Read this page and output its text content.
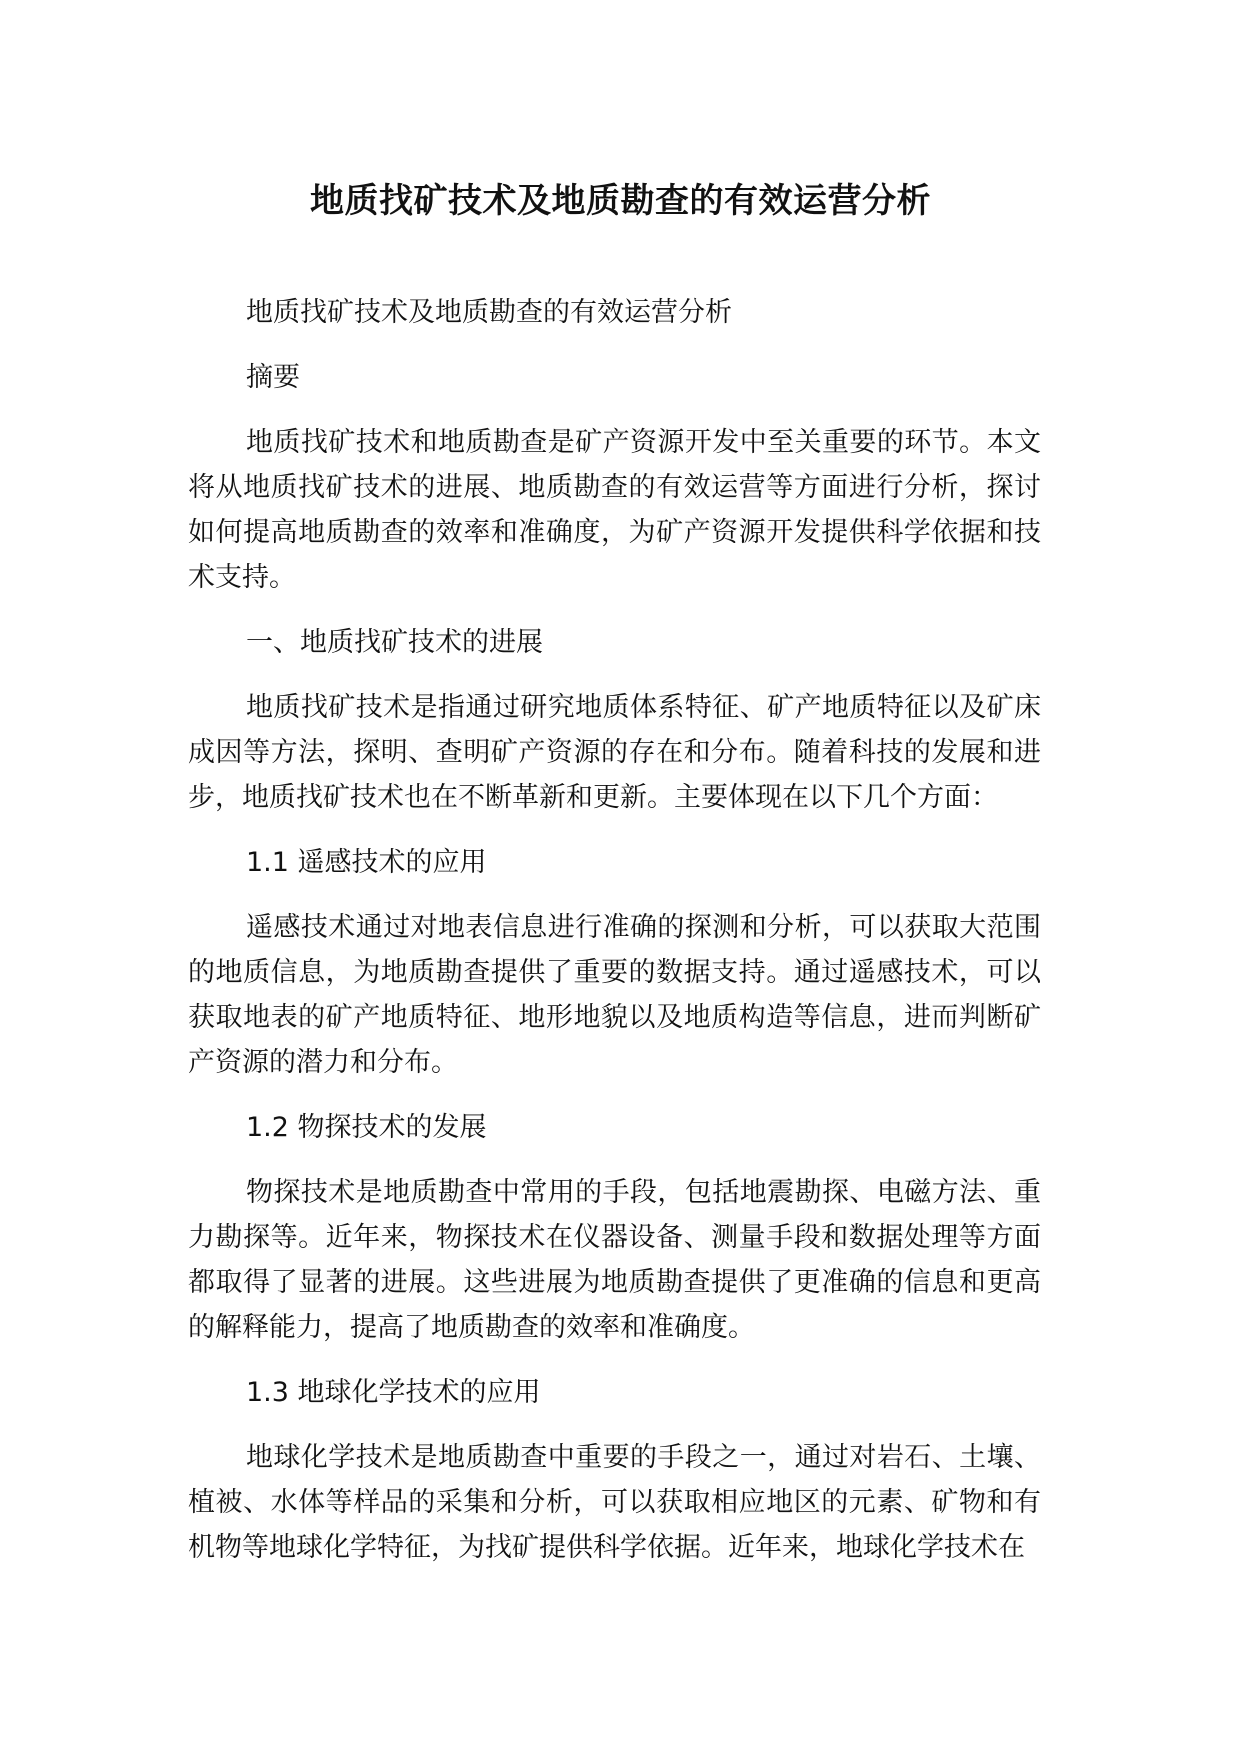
地质找矿技术及地质勘查的有效运营分析

地质找矿技术及地质勘查的有效运营分析

摘要

地质找矿技术和地质勘查是矿产资源开发中至关重要的环节。本文将从地质找矿技术的进展、地质勘查的有效运营等方面进行分析，探讨如何提高地质勘查的效率和准确度，为矿产资源开发提供科学依据和技术支持。

一、地质找矿技术的进展

地质找矿技术是指通过研究地质体系特征、矿产地质特征以及矿床成因等方法，探明、查明矿产资源的存在和分布。随着科技的发展和进步，地质找矿技术也在不断革新和更新。主要体现在以下几个方面：

1.1 遥感技术的应用

遥感技术通过对地表信息进行准确的探测和分析，可以获取大范围的地质信息，为地质勘查提供了重要的数据支持。通过遥感技术，可以获取地表的矿产地质特征、地形地貌以及地质构造等信息，进而判断矿产资源的潜力和分布。

1.2 物探技术的发展

物探技术是地质勘查中常用的手段，包括地震勘探、电磁方法、重力勘探等。近年来，物探技术在仪器设备、测量手段和数据处理等方面都取得了显著的进展。这些进展为地质勘查提供了更准确的信息和更高的解释能力，提高了地质勘查的效率和准确度。

1.3 地球化学技术的应用

地球化学技术是地质勘查中重要的手段之一，通过对岩石、土壤、植被、水体等样品的采集和分析，可以获取相应地区的元素、矿物和有机物等地球化学特征，为找矿提供科学依据。近年来，地球化学技术在
